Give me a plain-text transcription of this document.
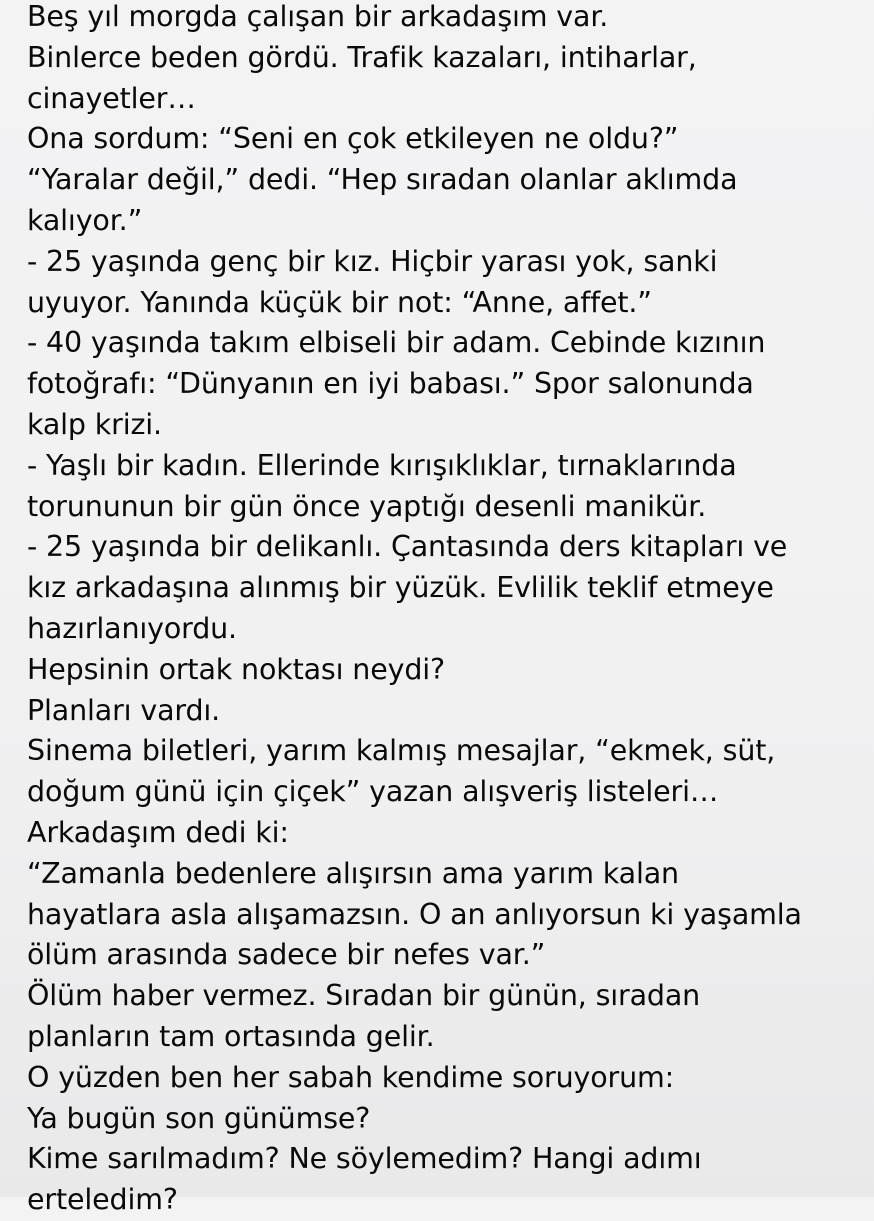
Beş yıl morgda çalışan bir arkadaşım var.
Binlerce beden gördü. Trafik kazaları, intiharlar,
cinayetler…
Ona sordum: “Seni en çok etkileyen ne oldu?”
“Yaralar değil,” dedi. “Hep sıradan olanlar aklımda
kalıyor.”
- 25 yaşında genç bir kız. Hiçbir yarası yok, sanki
uyuyor. Yanında küçük bir not: “Anne, affet.”
- 40 yaşında takım elbiseli bir adam. Cebinde kızının
fotoğrafı: “Dünyanın en iyi babası.” Spor salonunda
kalp krizi.
- Yaşlı bir kadın. Ellerinde kırışıklıklar, tırnaklarında
torununun bir gün önce yaptığı desenli manikür.
- 25 yaşında bir delikanlı. Çantasında ders kitapları ve
kız arkadaşına alınmış bir yüzük. Evlilik teklif etmeye
hazırlanıyordu.
Hepsinin ortak noktası neydi?
Planları vardı.
Sinema biletleri, yarım kalmış mesajlar, “ekmek, süt,
doğum günü için çiçek” yazan alışveriş listeleri…
Arkadaşım dedi ki:
“Zamanla bedenlere alışırsın ama yarım kalan
hayatlara asla alışamazsın. O an anlıyorsun ki yaşamla
ölüm arasında sadece bir nefes var.”
Ölüm haber vermez. Sıradan bir günün, sıradan
planların tam ortasında gelir.
O yüzden ben her sabah kendime soruyorum:
Ya bugün son günümse?
Kime sarılmadım? Ne söylemedim? Hangi adımı
erteledim?
